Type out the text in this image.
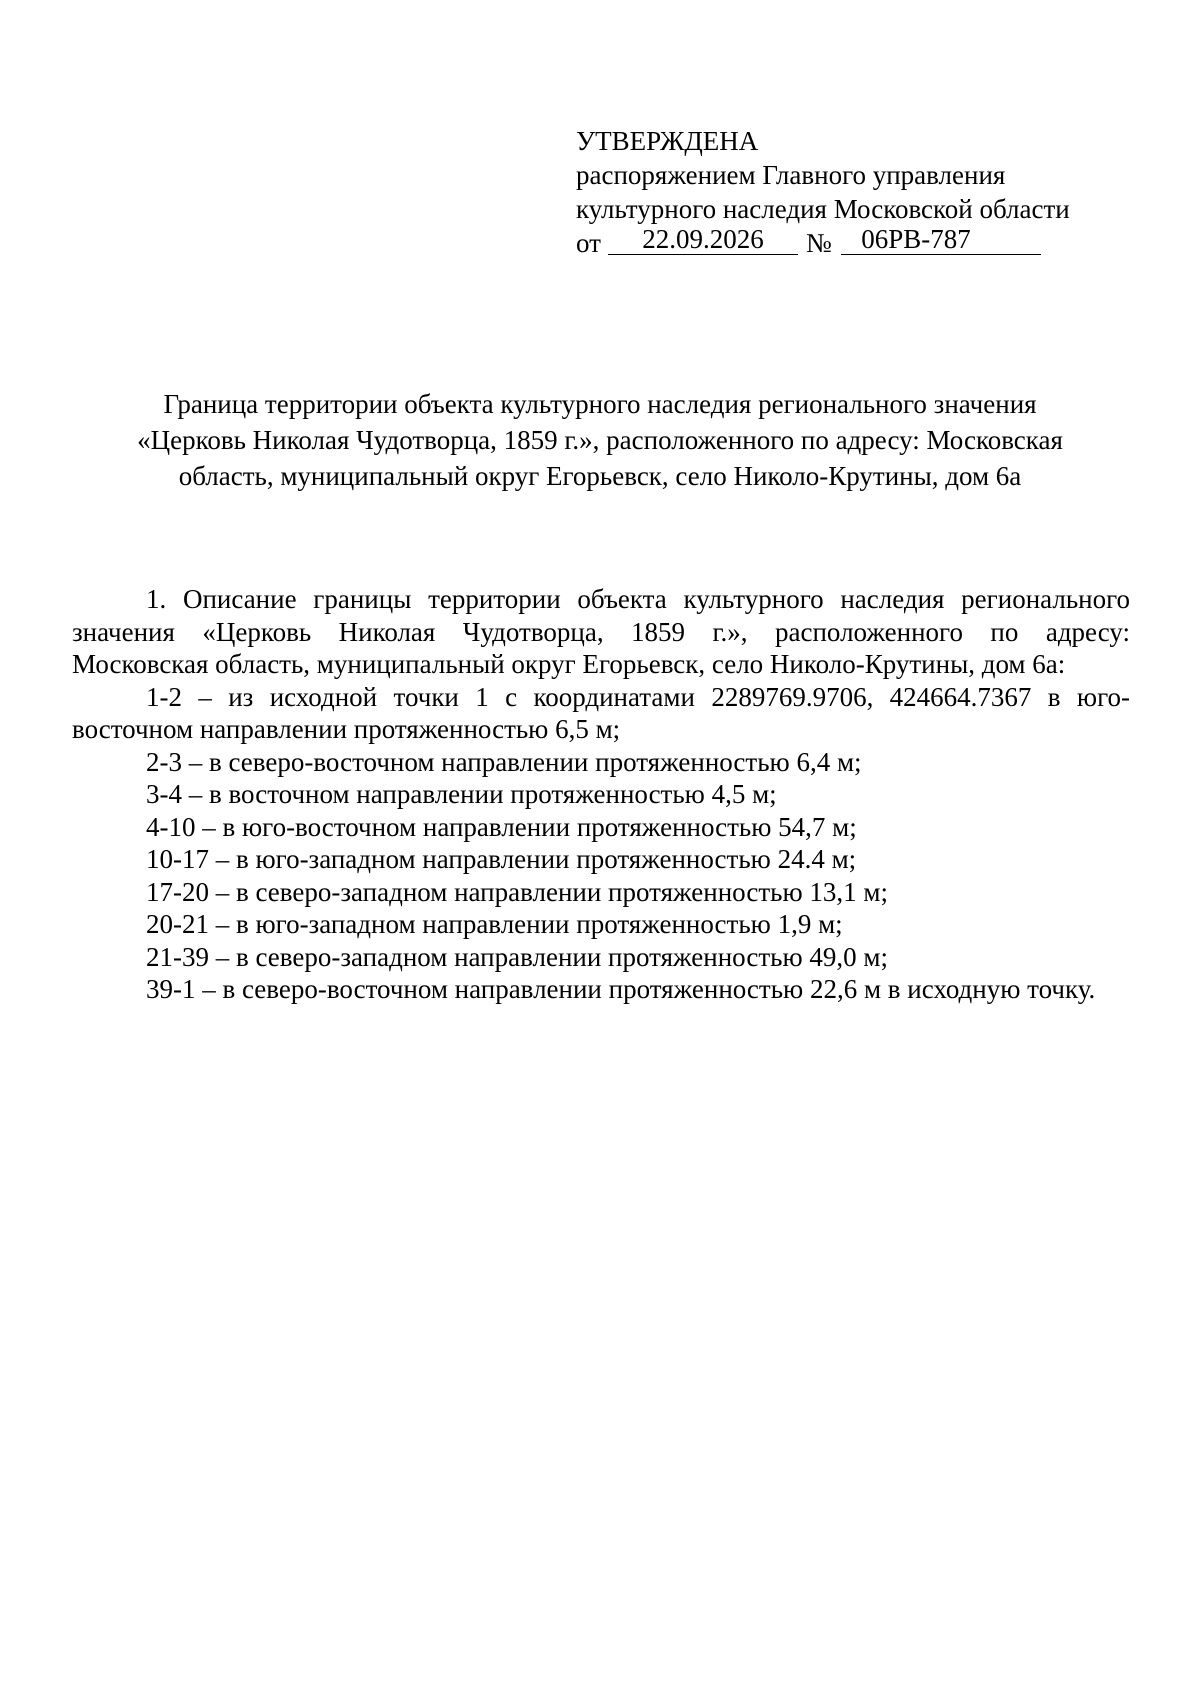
УТВЕРЖДЕНА
распоряжением Главного управления
культурного наследия Московской области
от	22.09.2026	№	06РВ-787
Граница территории объекта культурного наследия регионального значения
«Церковь Николая Чудотворца, 1859 г.», расположенного по адресу: Московская
область, муниципальный округ Егорьевск, село Николо-Крутины, дом 6а
1. Описание границы территории объекта культурного наследия регионального
значения «Церковь Николая Чудотворца, 1859 г.», расположенного по адресу:
Московская область, муниципальный округ Егорьевск, село Николо-Крутины, дом 6а:
1-2 – из исходной точки 1 с координатами 2289769.9706, 424664.7367 в юго-
восточном направлении протяженностью 6,5 м;
2-3 – в северо-восточном направлении протяженностью 6,4 м;
3-4 – в восточном направлении протяженностью 4,5 м;
4-10 – в юго-восточном направлении протяженностью 54,7 м;
10-17 – в юго-западном направлении протяженностью 24.4 м;
17-20 – в северо-западном направлении протяженностью 13,1 м;
20-21 – в юго-западном направлении протяженностью 1,9 м;
21-39 – в северо-западном направлении протяженностью 49,0 м;
39-1 – в северо-восточном направлении протяженностью 22,6 м в исходную точку.
